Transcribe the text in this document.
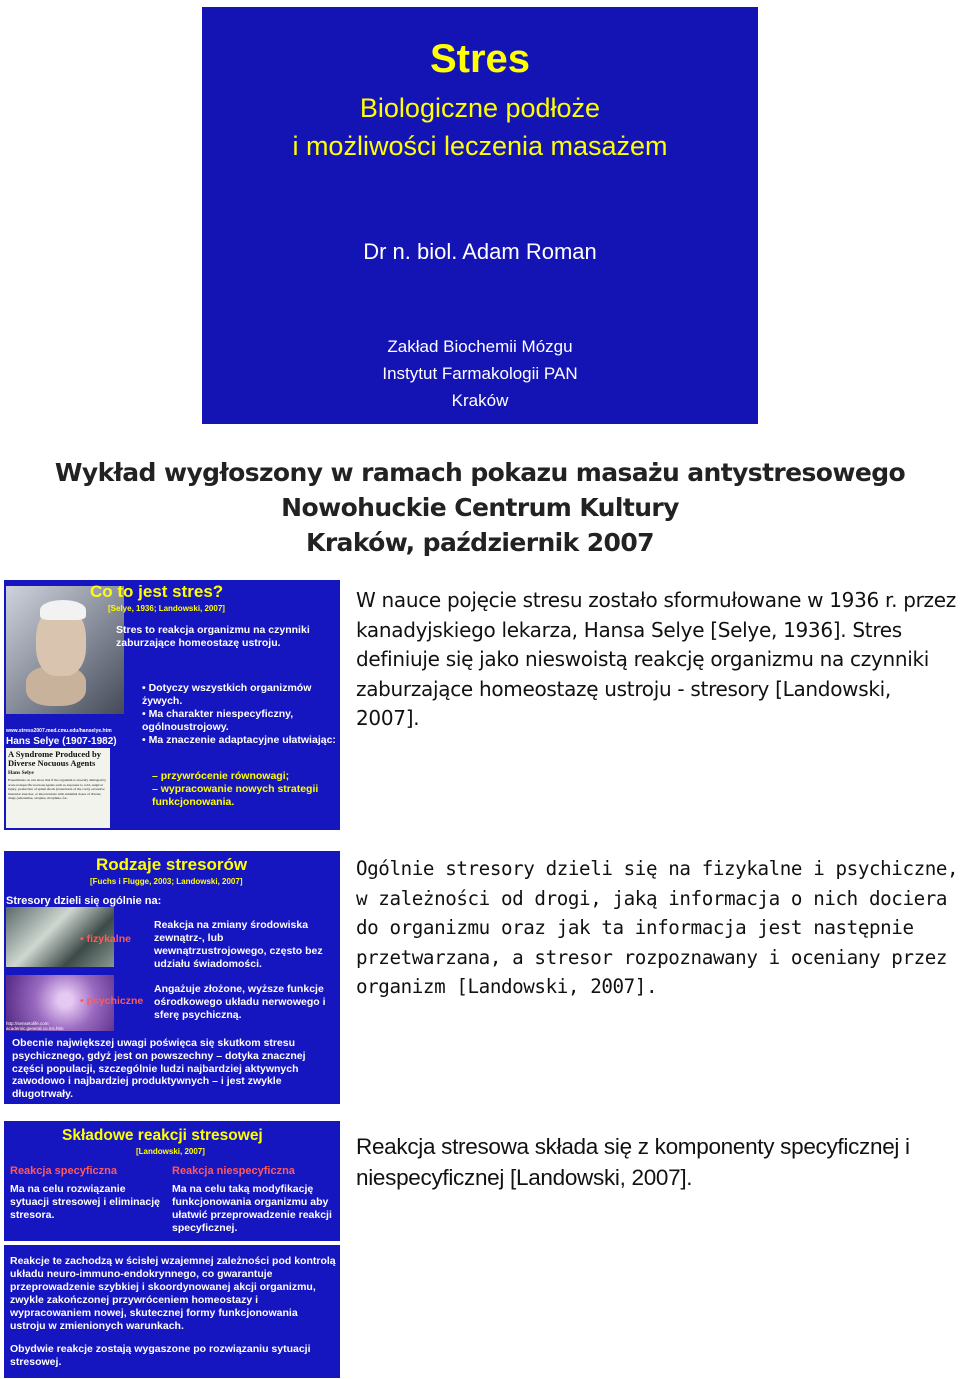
Stres
Biologiczne podłoże
i możliwości leczenia masażem
Dr n. biol. Adam Roman
Zakład Biochemii Mózgu
Instytut Farmakologii PAN
Kraków
Wykład wygłoszony w ramach pokazu masażu antystresowego
Nowohuckie Centrum Kultury
Kraków, październik 2007
Co to jest stres?
[Selye, 1936; Landowski, 2007]
Stres to reakcja organizmu na czynniki zaburzające homeostazę ustroju.
• Dotyczy wszystkich organizmów żywych.
• Ma charakter niespecyficzny, ogólnoustrojowy.
• Ma znaczenie adaptacyjne ułatwiając:
– przywrócenie równowagi;
– wypracowanie nowych strategii funkcjonowania.
www.stress2007.med.cmu.edu/hanselye.htm
Hans Selye (1907-1982)
A Syndrome Produced by Diverse Nocuous Agents
Hans Selye
Experiments on rats show that if the organism is severely damaged by acute nonspecific nocuous agents such as exposure to cold, surgical injury, production of spinal shock (transcision of the cord), excessive muscular exercise, or intoxications with sublethal doses of diverse drugs (adrenaline, atropine, morphine, for-
W nauce pojęcie stresu zostało sformułowane w 1936 r. przez kanadyjskiego lekarza, Hansa Selye [Selye, 1936]. Stres definiuje się jako nieswoistą reakcję organizmu na czynniki zaburzające homeostazę ustroju - stresory [Landowski, 2007].
Rodzaje stresorów
[Fuchs i Flugge, 2003; Landowski, 2007]
Stresory dzieli się ogólnie na:
• fizykalne
• psychiczne
Reakcja na zmiany środowiska zewnątrz-, lub wewnątrzustrojowego, często bez udziału świadomości.
Angażuje złożone, wyższe funkcje ośrodkowego układu nerwowego i sferę psychiczną.
http://sensetolife.com
academic.general.co.ms.htm
Obecnie największej uwagi poświęca się skutkom stresu psychicznego, gdyż jest on powszechny – dotyka znacznej części populacji, szczególnie ludzi najbardziej aktywnych zawodowo i najbardziej produktywnych – i jest zwykle długotrwały.
Ogólnie stresory dzieli się na fizykalne i psychiczne, w zależności od drogi, jaką informacja o nich dociera do organizmu oraz jak ta informacja jest następnie przetwarzana, a stresor rozpoznawany i oceniany przez organizm [Landowski, 2007].
Składowe reakcji stresowej
[Landowski, 2007]
Reakcja specyficzna
Ma na celu rozwiązanie sytuacji stresowej i eliminację stresora.
Reakcja niespecyficzna
Ma na celu taką modyfikację funkcjonowania organizmu aby ułatwić przeprowadzenie reakcji specyficznej.
Reakcje te zachodzą w ścisłej wzajemnej zależności pod kontrolą układu neuro-immuno-endokrynnego, co gwarantuje przeprowadzenie szybkiej i skoordynowanej akcji organizmu, zwykle zakończonej przywróceniem homeostazy i wypracowaniem nowej, skutecznej formy funkcjonowania ustroju w zmienionych warunkach.
Obydwie reakcje zostają wygaszone po rozwiązaniu sytuacji stresowej.
Reakcja stresowa składa się z komponenty specyficznej i niespecyficznej [Landowski, 2007].
